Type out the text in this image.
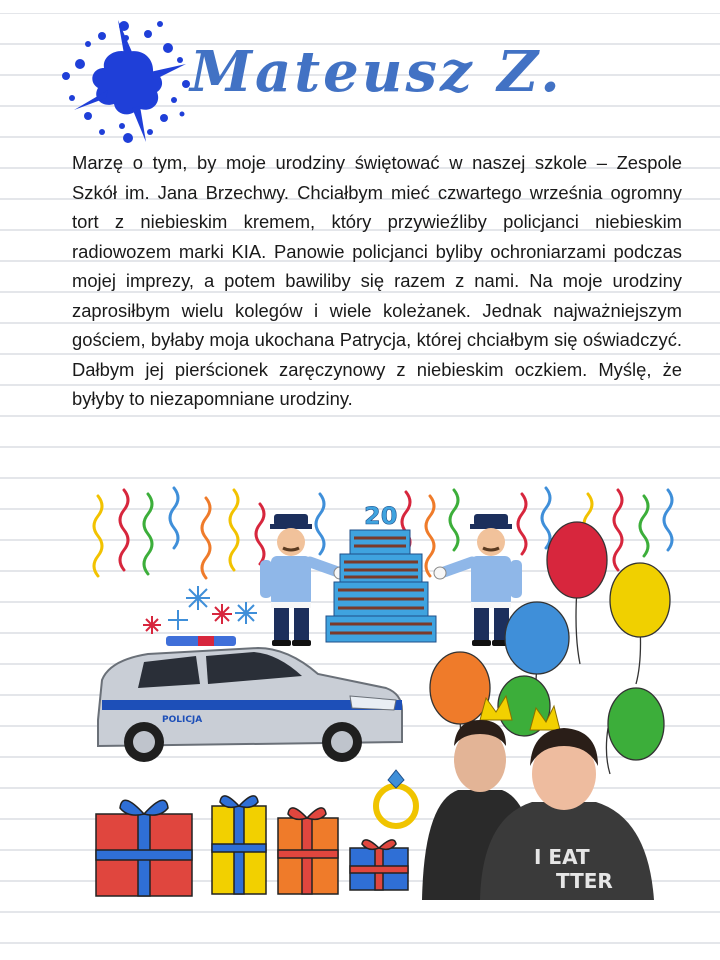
Mateusz Z.

Marzę o tym, by moje urodziny świętować w naszej szkole – Zespole Szkół im. Jana Brzechwy. Chciałbym mieć czwartego września ogromny tort z niebieskim kremem, który przywieźliby policjanci niebieskim radiowozem marki KIA. Panowie policjanci byliby ochroniarzami podczas mojej imprezy, a potem bawiliby się razem z nami. Na moje urodziny zaprosiłbym wielu kolegów i wiele koleżanek. Jednak najważniejszym gościem, byłaby moja ukochana Patrycja, której chciałbym się oświadczyć. Dałbym jej pierścionek zaręczynowy z niebieskim oczkiem. Myślę, że byłyby to niezapomniane urodziny.

20
POLICJA
I EAT
TTER
